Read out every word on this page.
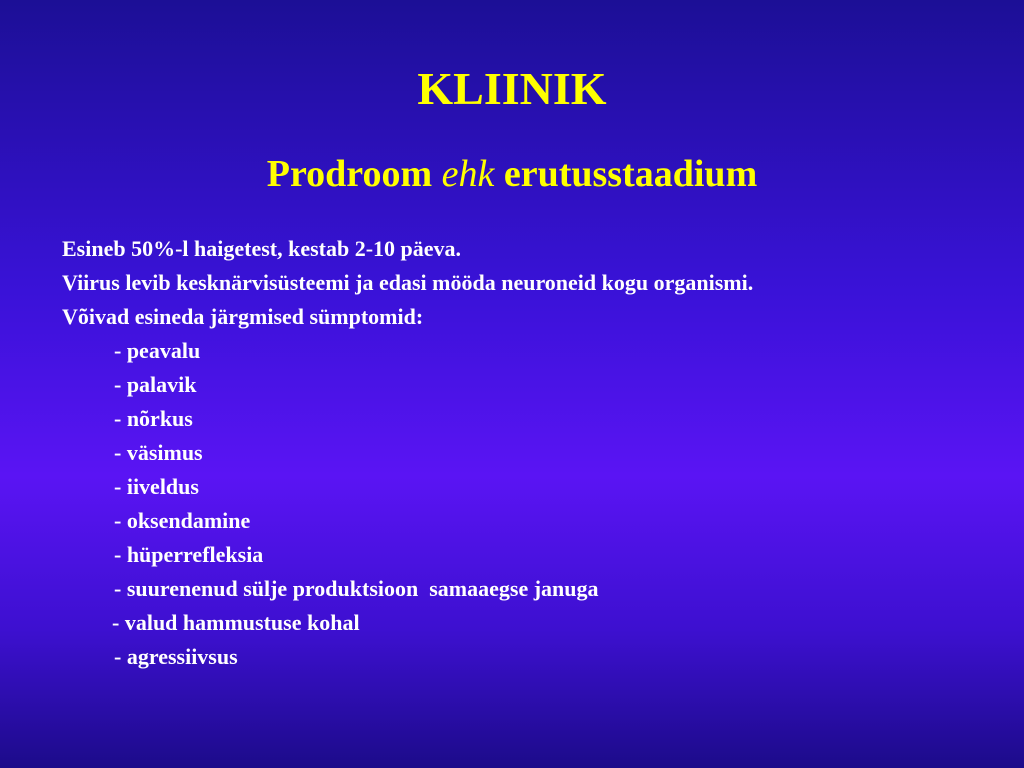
KLIINIK
Prodroom ehk erutusstaadium
Esineb 50%-l haigetest, kestab 2-10 päeva.
Viirus levib kesknärvisüsteemi ja edasi mööda neuroneid kogu organismi.
Võivad esineda järgmised sümptomid:
- peavalu
- palavik
- nõrkus
- väsimus
- iiveldus
- oksendamine
- hüperrefleksia
- suurenenud sülje produktsioon  samaaegse januga
- valud hammustuse kohal
- agressiivsus
